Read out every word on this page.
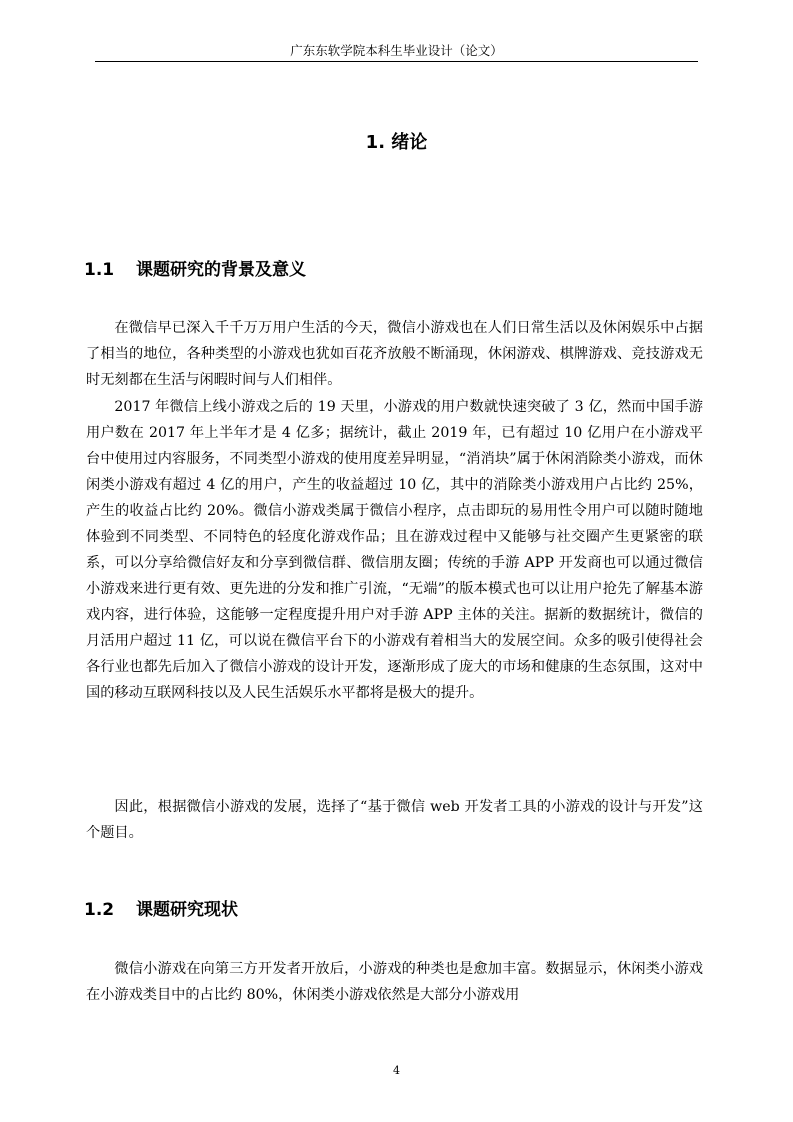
广东东软学院本科生毕业设计（论文）
1. 绪论
1.1 课题研究的背景及意义

在微信早已深入千千万万用户生活的今天，微信小游戏也在人们日常生活以及休闲娱乐中占据了相当的地位，各种类型的小游戏也犹如百花齐放般不断涌现，休闲游戏、棋牌游戏、竞技游戏无时无刻都在生活与闲暇时间与人们相伴。

2017 年微信上线小游戏之后的 19 天里，小游戏的用户数就快速突破了 3 亿，然而中国手游用户数在 2017 年上半年才是 4 亿多；据统计，截止 2019 年，已有超过 10 亿用户在小游戏平台中使用过内容服务，不同类型小游戏的使用度差异明显，“消消块”属于休闲消除类小游戏，而休闲类小游戏有超过 4 亿的用户，产生的收益超过 10 亿，其中的消除类小游戏用户占比约 25%，产生的收益占比约 20%。微信小游戏类属于微信小程序，点击即玩的易用性令用户可以随时随地体验到不同类型、不同特色的轻度化游戏作品；且在游戏过程中又能够与社交圈产生更紧密的联系，可以分享给微信好友和分享到微信群、微信朋友圈；传统的手游 APP 开发商也可以通过微信小游戏来进行更有效、更先进的分发和推广引流，“无端”的版本模式也可以让用户抢先了解基本游戏内容，进行体验，这能够一定程度提升用户对手游 APP 主体的关注。据新的数据统计，微信的月活用户超过 11 亿，可以说在微信平台下的小游戏有着相当大的发展空间。众多的吸引使得社会各行业也都先后加入了微信小游戏的设计开发，逐渐形成了庞大的市场和健康的生态氛围，这对中国的移动互联网科技以及人民生活娱乐水平都将是极大的提升。

因此，根据微信小游戏的发展，选择了“基于微信 web 开发者工具的小游戏的设计与开发”这个题目。

1.2 课题研究现状

微信小游戏在向第三方开发者开放后，小游戏的种类也是愈加丰富。数据显示，休闲类小游戏在小游戏类目中的占比约 80%，休闲类小游戏依然是大部分小游戏用

4
